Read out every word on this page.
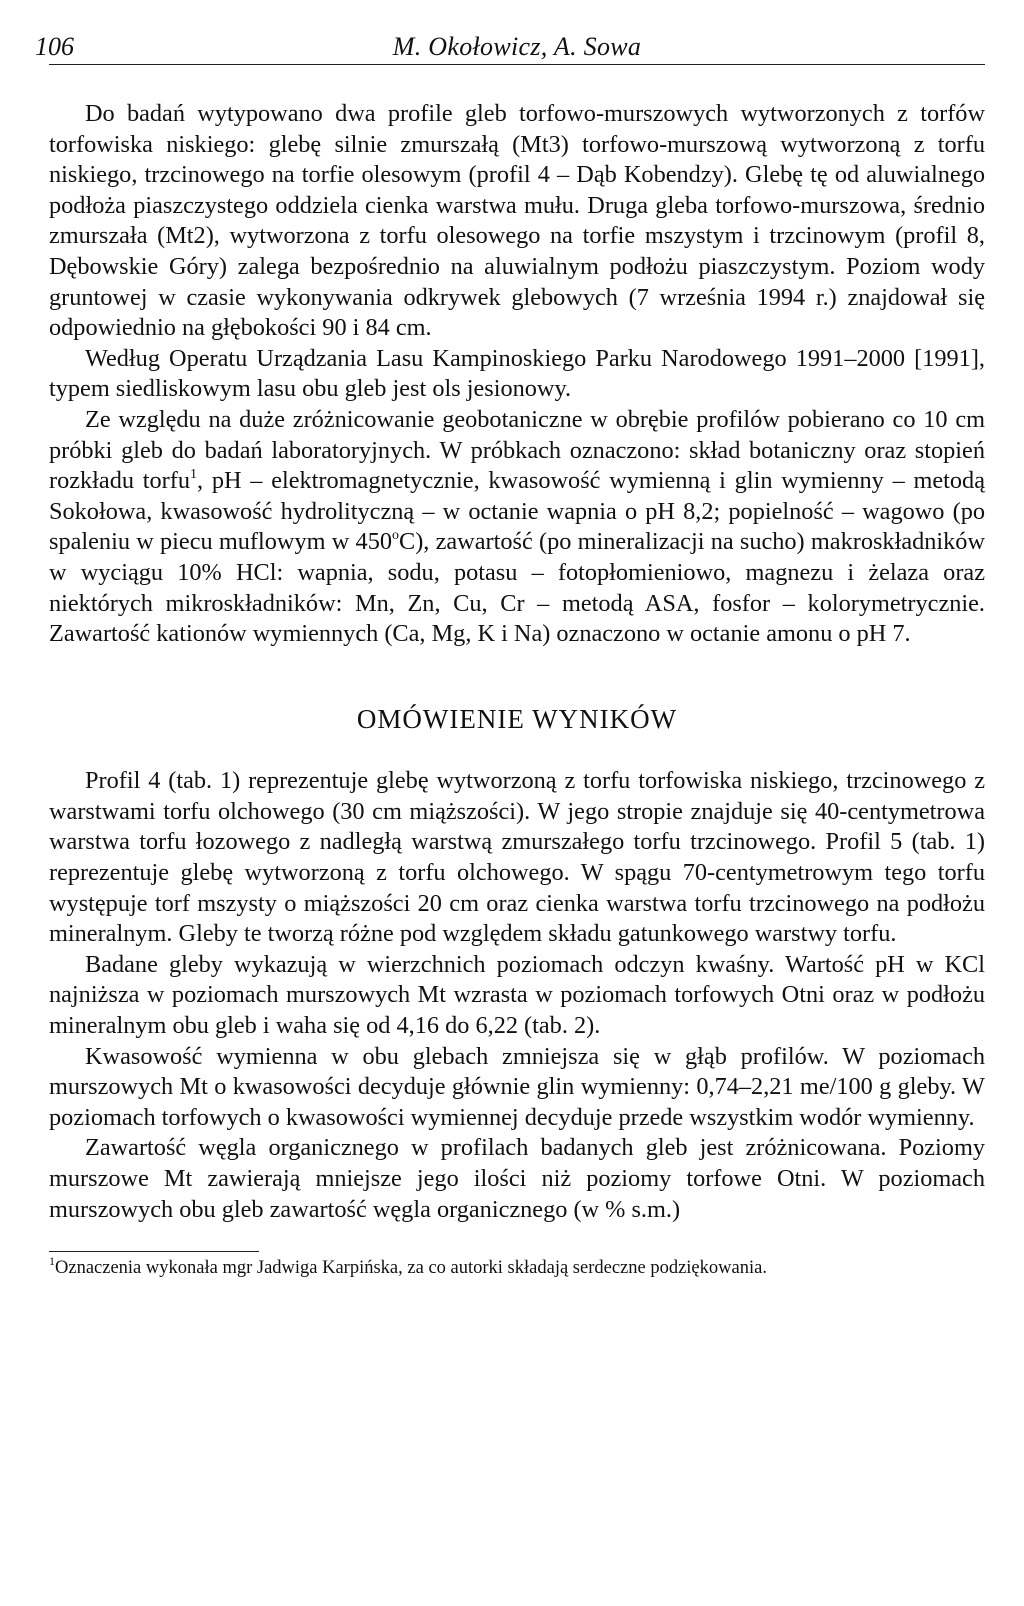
106	M. Okołowicz, A. Sowa

Do badań wytypowano dwa profile gleb torfowo-murszowych wytworzonych z torfów torfowiska niskiego: glebę silnie zmurszałą (Mt3) torfowo-murszową wytworzoną z torfu niskiego, trzcinowego na torfie olesowym (profil 4 – Dąb Kobendzy). Glebę tę od aluwialnego podłoża piaszczystego oddziela cienka warstwa mułu. Druga gleba torfowo-murszowa, średnio zmurszała (Mt2), wytworzona z torfu olesowego na torfie mszystym i trzcinowym (profil 8, Dębowskie Góry) zalega bezpośrednio na aluwialnym podłożu piaszczystym. Poziom wody gruntowej w czasie wykonywania odkrywek glebowych (7 września 1994 r.) znajdował się odpowiednio na głębokości 90 i 84 cm.

Według Operatu Urządzania Lasu Kampinoskiego Parku Narodowego 1991–2000 [1991], typem siedliskowym lasu obu gleb jest ols jesionowy.

Ze względu na duże zróżnicowanie geobotaniczne w obrębie profilów pobierano co 10 cm próbki gleb do badań laboratoryjnych. W próbkach oznaczono: skład botaniczny oraz stopień rozkładu torfu$^1$, pH – elektromagnetycznie, kwasowość wymienną i glin wymienny – metodą Sokołowa, kwasowość hydrolityczną – w octanie wapnia o pH 8,2; popielność – wagowo (po spaleniu w piecu muflowym w 450$^o$C), zawartość (po mineralizacji na sucho) makroskładników w wyciągu 10% HCl: wapnia, sodu, potasu – fotopłomieniowo, magnezu i żelaza oraz niektórych mikroskładników: Mn, Zn, Cu, Cr – metodą ASA, fosfor – kolorymetrycznie. Zawartość kationów wymiennych (Ca, Mg, K i Na) oznaczono w octanie amonu o pH 7.

OMÓWIENIE WYNIKÓW

Profil 4 (tab. 1) reprezentuje glebę wytworzoną z torfu torfowiska niskiego, trzcinowego z warstwami torfu olchowego (30 cm miąższości). W jego stropie znajduje się 40-centymetrowa warstwa torfu łozowego z nadległą warstwą zmurszałego torfu trzcinowego. Profil 5 (tab. 1) reprezentuje glebę wytworzoną z torfu olchowego. W spągu 70-centymetrowym tego torfu występuje torf mszysty o miąższości 20 cm oraz cienka warstwa torfu trzcinowego na podłożu mineralnym. Gleby te tworzą różne pod względem składu gatunkowego warstwy torfu.

Badane gleby wykazują w wierzchnich poziomach odczyn kwaśny. Wartość pH w KCl najniższa w poziomach murszowych Mt wzrasta w poziomach torfowych Otni oraz w podłożu mineralnym obu gleb i waha się od 4,16 do 6,22 (tab. 2).

Kwasowość wymienna w obu glebach zmniejsza się w głąb profilów. W poziomach murszowych Mt o kwasowości decyduje głównie glin wymienny: 0,74–2,21 me/100 g gleby. W poziomach torfowych o kwasowości wymiennej decyduje przede wszystkim wodór wymienny.

Zawartość węgla organicznego w profilach badanych gleb jest zróżnicowana. Poziomy murszowe Mt zawierają mniejsze jego ilości niż poziomy torfowe Otni. W poziomach murszowych obu gleb zawartość węgla organicznego (w % s.m.)

$^1$Oznaczenia wykonała mgr Jadwiga Karpińska, za co autorki składają serdeczne podziękowania.
